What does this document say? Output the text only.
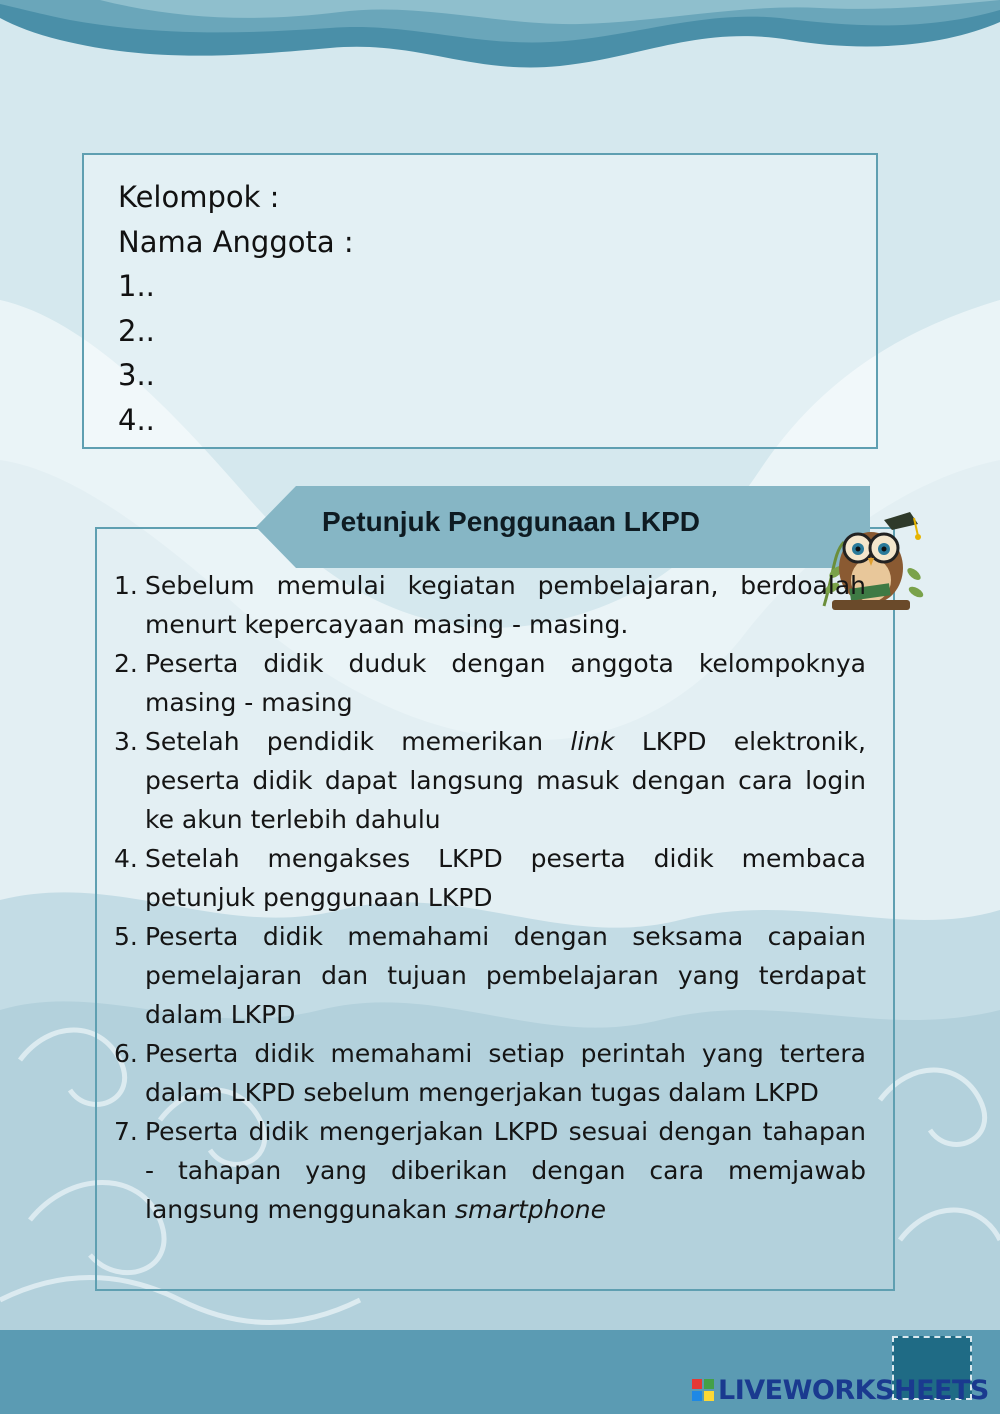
Kelompok :
Nama Anggota :
1..
2..
3..
4..
Petunjuk Penggunaan LKPD
1. Sebelum memulai kegiatan pembelajaran, berdoalah menurt kepercayaan masing - masing.
2. Peserta didik duduk dengan anggota kelompoknya masing - masing
3. Setelah pendidik memerikan link LKPD elektronik, peserta didik dapat langsung masuk dengan cara login ke akun terlebih dahulu
4. Setelah mengakses LKPD peserta didik membaca petunjuk penggunaan LKPD
5. Peserta didik memahami dengan seksama capaian pemelajaran dan tujuan pembelajaran yang terdapat dalam LKPD
6. Peserta didik memahami setiap perintah yang tertera dalam LKPD sebelum mengerjakan tugas dalam LKPD
7. Peserta didik mengerjakan LKPD sesuai dengan tahapan - tahapan yang diberikan dengan cara memjawab langsung menggunakan smartphone
LIVEWORKSHEETS
